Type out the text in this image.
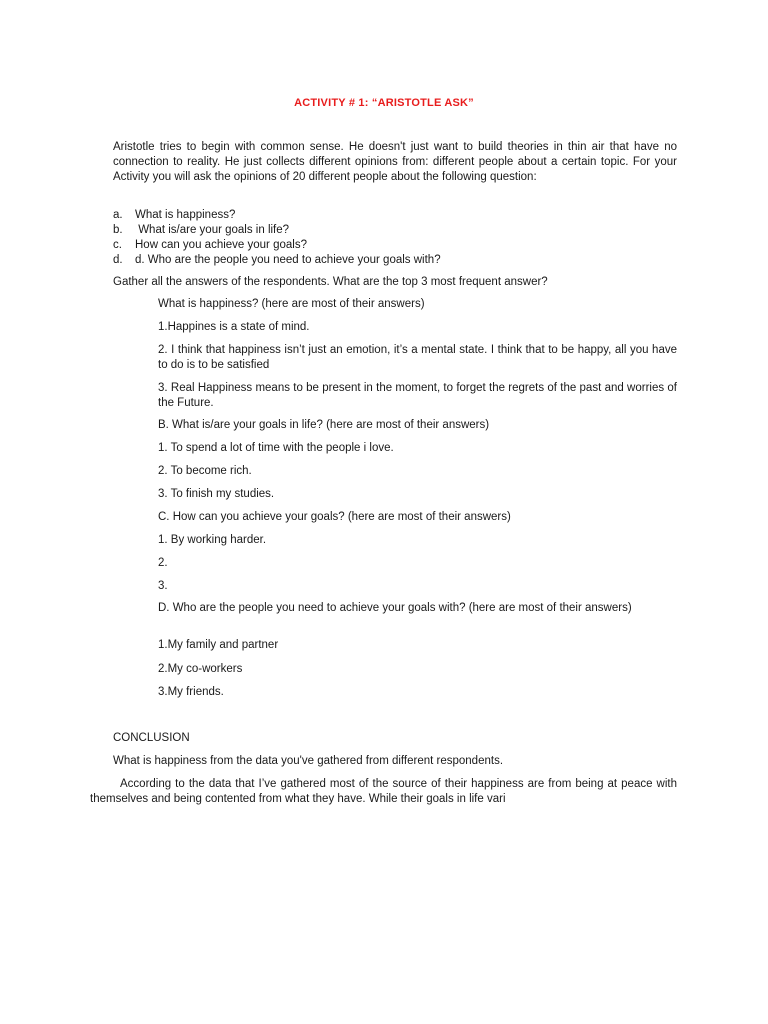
ACTIVITY # 1: “ARISTOTLE ASK”

Aristotle tries to begin with common sense. He doesn't just want to build theories in thin air that have no connection to reality. He just collects different opinions from: different people about a certain topic. For your Activity you will ask the opinions of 20 different people about the following question:

a.	What is happiness?
b.	What is/are your goals in life?
c.	How can you achieve your goals?
d.	d. Who are the people you need to achieve your goals with?

Gather all the answers of the respondents. What are the top 3 most frequent answer?

What is happiness? (here are most of their answers)

1.Happines is a state of mind.

2. I think that happiness isn’t just an emotion, it’s a mental state. I think that to be happy, all you have to do is to be satisfied

3. Real Happiness means to be present in the moment, to forget the regrets of the past and worries of the Future.

B. What is/are your goals in life? (here are most of their answers)

1. To spend a lot of time with the people i love.

2. To become rich.

3. To finish my studies.

C. How can you achieve your goals? (here are most of their answers)

1. By working harder.

2.

3.

D. Who are the people you need to achieve your goals with? (here are most of their answers)

1.My family and partner

2.My co-workers

3.My friends.

CONCLUSION

What is happiness from the data you've gathered from different respondents.

According to the data that I’ve gathered most of the source of their happiness are from being at peace with themselves and being contented from what they have. While their goals in life vari
